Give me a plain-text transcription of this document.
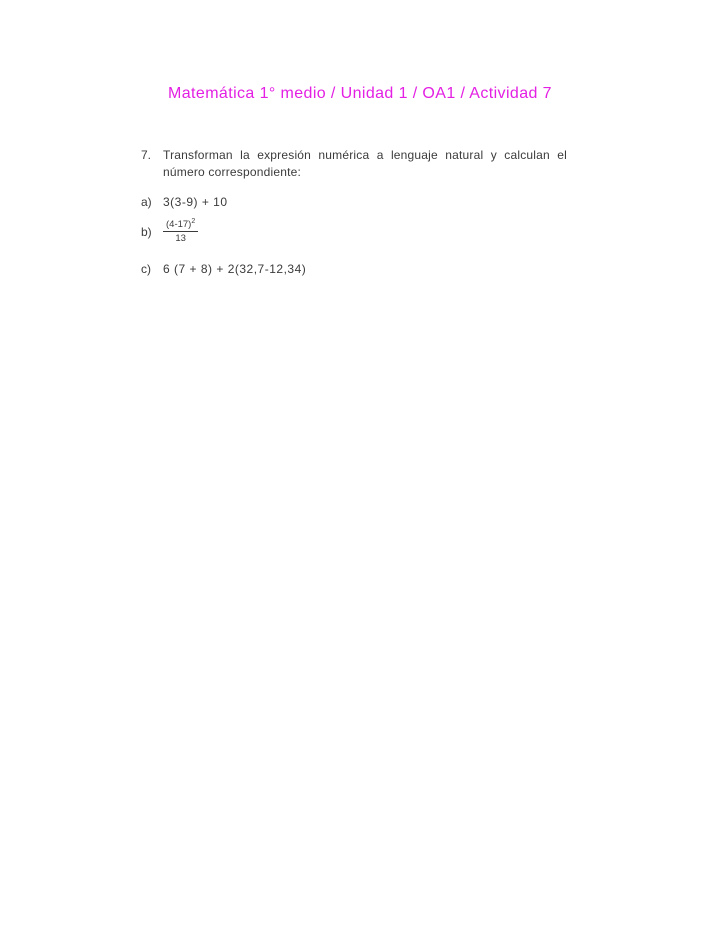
Matemática 1° medio / Unidad 1 / OA1 / Actividad 7
7. Transforman la expresión numérica a lenguaje natural y calculan el número correspondiente:
a) 3(3-9) + 10
b)	$\frac{(4-17)^2}{13}$
c)	6 (7 + 8) + 2(32,7-12,34)
